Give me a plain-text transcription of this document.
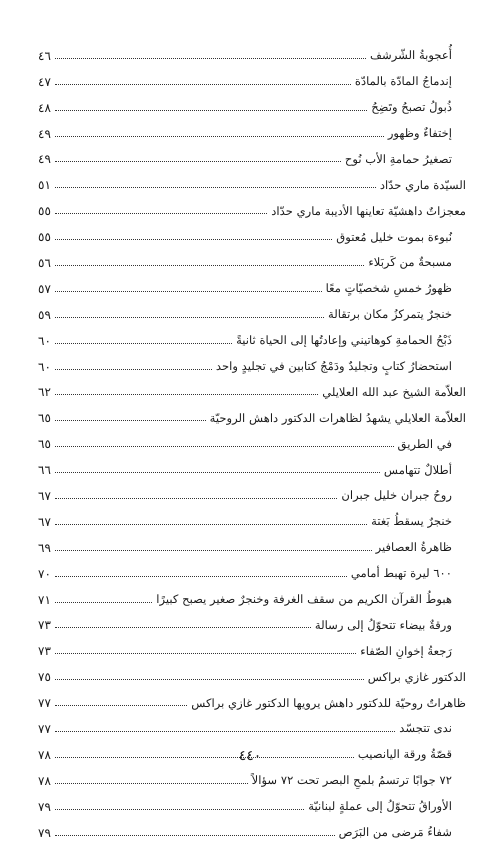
أُعجوبةُ الشّرشف
٤٦
إندماجُ المادّة بالمادّة
٤٧
ذُبولُ تصبحُ وتَضِحُ
٤٨
إختفاءٌ وظهور
٤٩
تصغيرُ حمامةِ الأب نُوح
٤٩
السيّدة ماري حدّاد
٥١
معجزاتٌ داهشيّة تعاينها الأديبة ماري حدّاد
٥٥
نُبوءة بموت خليل مُعتوق
٥٥
مسبحةٌ من كَربَلاء
٥٦
ظهورُ خمسِ شخصيّاتٍ معًا
٥٧
خنجرٌ يتمركزُ مكان برتقالة
٥٩
ذَبْحُ الحمامةِ كوهاتيني وإعادتُها إلى الحياة ثانيةً
٦٠
استحضارُ كتابٍ وتجليدٌ ودَمْجُ كتابين في تجليدٍ واحد
٦٠
العلاّمة الشيخ عبد الله العلايلي
٦٢
العلاّمة العلايلي يشهدُ لظاهرات الدكتور داهش الروحيّة
٦٥
في الطريق
٦٥
أطلالٌ تتهامس
٦٦
روحُ جبران خليل جبران
٦٧
خنجرٌ يسقطُ بَغتة
٦٧
ظاهرةُ العصافير
٦٩
٦٠٠ ليرة تهبط أمامي
٧٠
هبوطُ القرآن الكريم من سقف الغرفة وخنجرٌ صغير يصبح كبيرًا
٧١
ورقةٌ بيضاء تتحوّلُ إلى رسالة
٧٣
رَجعةُ إخوانِ الصّفاء
٧٣
الدكتور غازي براكس
٧٥
ظاهراتٌ روحيّة للدكتور داهش يرويها الدكتور غازي براكس
٧٧
ندى تتجسّد
٧٧
قصّةُ ورقة اليانصيب
٧٨
٧٢ جوابًا ترتسمُ بلمحِ البصر تحت ٧٢ سؤالاً
٧٨
الأوراقُ تتحوّلُ إلى عملةٍ لبنانيّة
٧٩
شفاءُ مَرضى من البَرَص
٧٩
٤٤٠
